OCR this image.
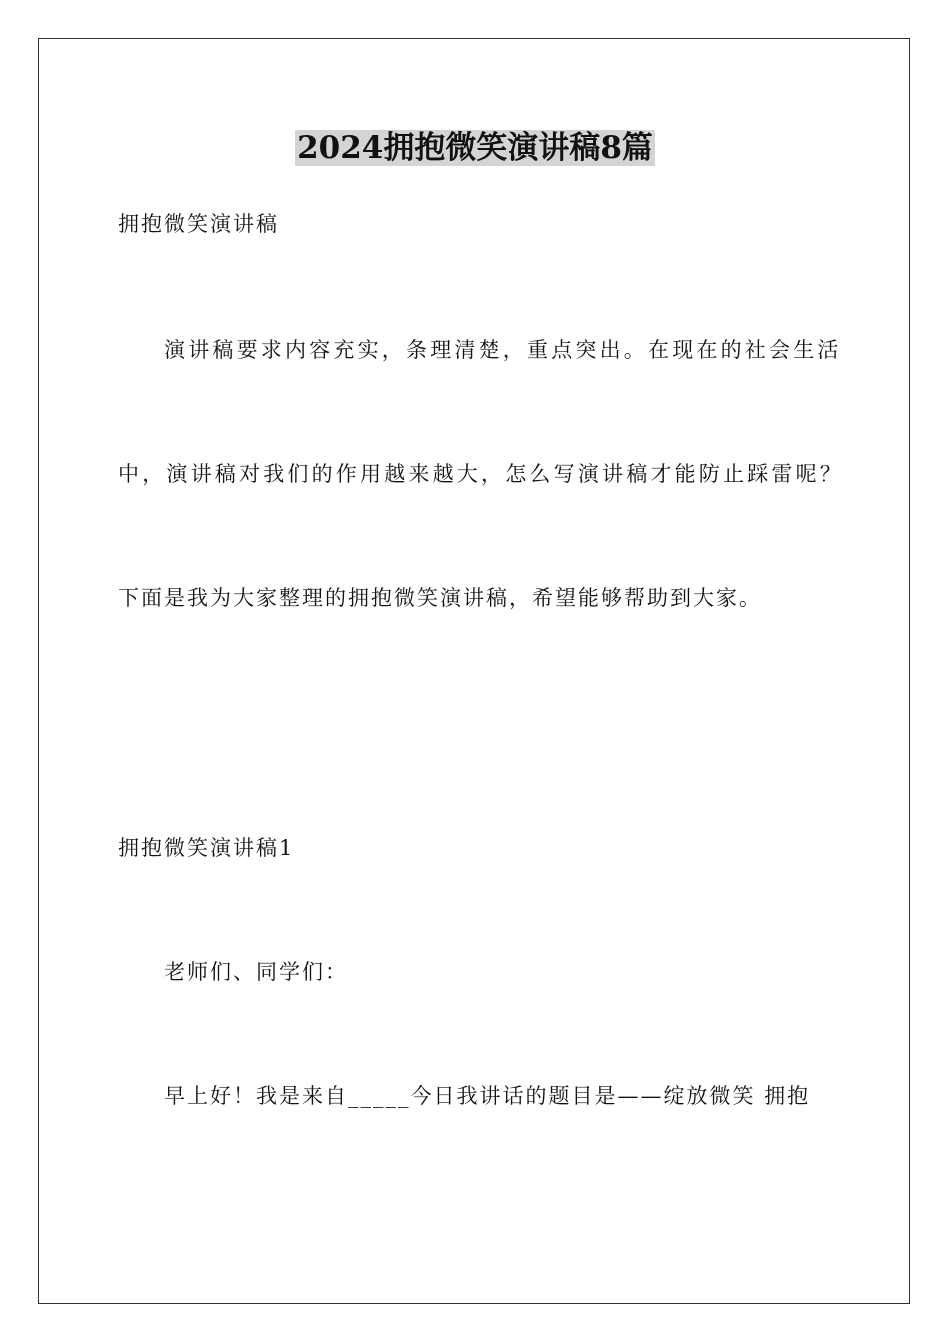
2024拥抱微笑演讲稿8篇
拥抱微笑演讲稿
演讲稿要求内容充实，条理清楚，重点突出。在现在的社会生活
中，演讲稿对我们的作用越来越大，怎么写演讲稿才能防止踩雷呢？
下面是我为大家整理的拥抱微笑演讲稿，希望能够帮助到大家。
拥抱微笑演讲稿1
老师们、同学们：
早上好！我是来自_____今日我讲话的题目是——绽放微笑 拥抱
